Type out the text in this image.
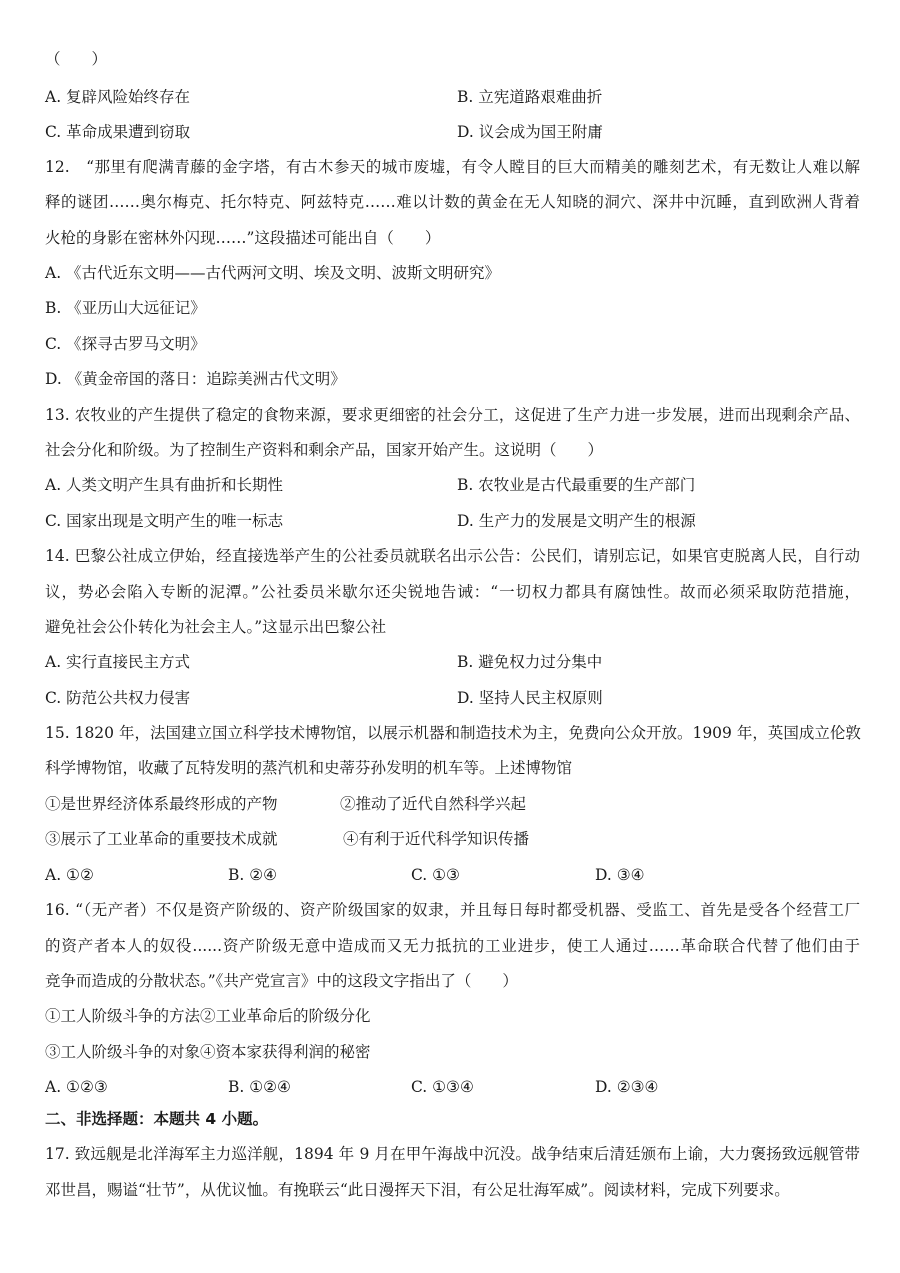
（　　）
A. 复辟风险始终存在	B. 立宪道路艰难曲折
C. 革命成果遭到窃取	D. 议会成为国王附庸
12.　“那里有爬满青藤的金字塔，有古木参天的城市废墟，有令人瞠目的巨大而精美的雕刻艺术，有无数让人难以解
释的谜团……奥尔梅克、托尔特克、阿兹特克……难以计数的黄金在无人知晓的洞穴、深井中沉睡，直到欧洲人背着
火枪的身影在密林外闪现……”这段描述可能出自（　　）
A. 《古代近东文明——古代两河文明、埃及文明、波斯文明研究》
B. 《亚历山大远征记》
C. 《探寻古罗马文明》
D. 《黄金帝国的落日：追踪美洲古代文明》
13. 农牧业的产生提供了稳定的食物来源，要求更细密的社会分工，这促进了生产力进一步发展，进而出现剩余产品、
社会分化和阶级。为了控制生产资料和剩余产品，国家开始产生。这说明（　　）
A. 人类文明产生具有曲折和长期性	B. 农牧业是古代最重要的生产部门
C. 国家出现是文明产生的唯一标志	D. 生产力的发展是文明产生的根源
14. 巴黎公社成立伊始，经直接选举产生的公社委员就联名出示公告：公民们，请别忘记，如果官吏脱离人民，自行动
议，势必会陷入专断的泥潭。”公社委员米歇尔还尖锐地告诫：“一切权力都具有腐蚀性。故而必须采取防范措施，
避免社会公仆转化为社会主人。”这显示出巴黎公社
A. 实行直接民主方式	B. 避免权力过分集中
C. 防范公共权力侵害	D. 坚持人民主权原则
15. 1820 年，法国建立国立科学技术博物馆，以展示机器和制造技术为主，免费向公众开放。1909 年，英国成立伦敦
科学博物馆，收藏了瓦特发明的蒸汽机和史蒂芬孙发明的机车等。上述博物馆
①是世界经济体系最终形成的产物	②推动了近代自然科学兴起
③展示了工业革命的重要技术成就	④有利于近代科学知识传播
A. ①②	B. ②④	C. ①③	D. ③④
16. “（无产者）不仅是资产阶级的、资产阶级国家的奴隶，并且每日每时都受机器、受监工、首先是受各个经营工厂
的资产者本人的奴役......资产阶级无意中造成而又无力抵抗的工业进步，使工人通过……革命联合代替了他们由于
竞争而造成的分散状态。”《共产党宣言》中的这段文字指出了（　　）
①工人阶级斗争的方法②工业革命后的阶级分化
③工人阶级斗争的对象④资本家获得利润的秘密
A. ①②③	B. ①②④	C. ①③④	D. ②③④
二、非选择题：本题共 4 小题。
17. 致远舰是北洋海军主力巡洋舰，1894 年 9 月在甲午海战中沉没。战争结束后清廷颁布上谕，大力褒扬致远舰管带
邓世昌，赐谥“壮节”，从优议恤。有挽联云“此日漫挥天下泪，有公足壮海军威”。阅读材料，完成下列要求。
